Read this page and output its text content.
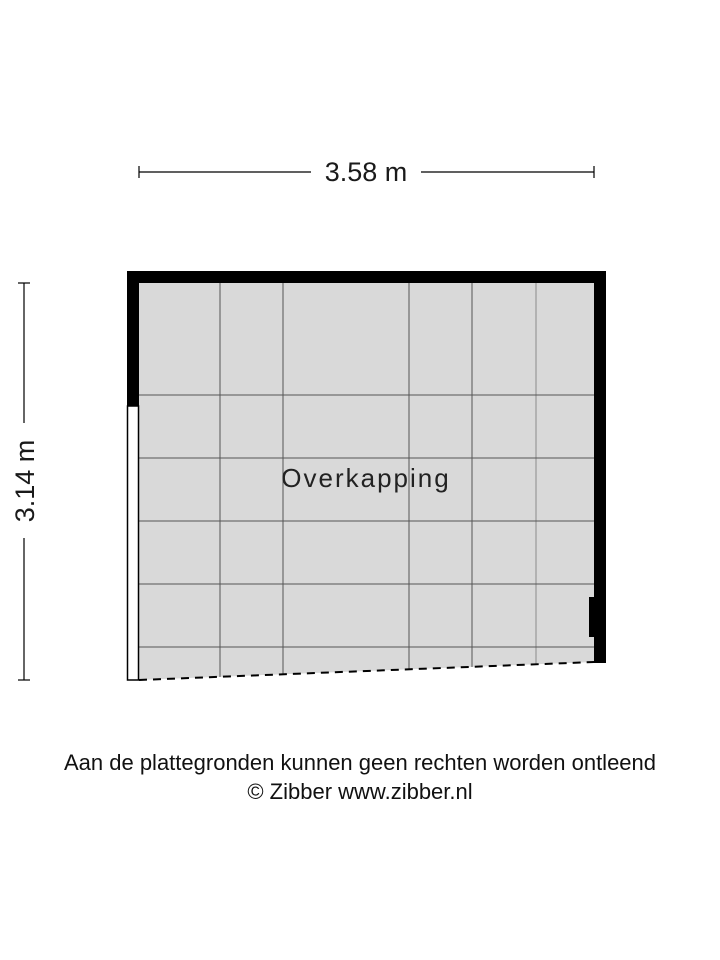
Overkapping
3.58 m
3.14 m
Aan de plattegronden kunnen geen rechten worden ontleend
© Zibber www.zibber.nl
